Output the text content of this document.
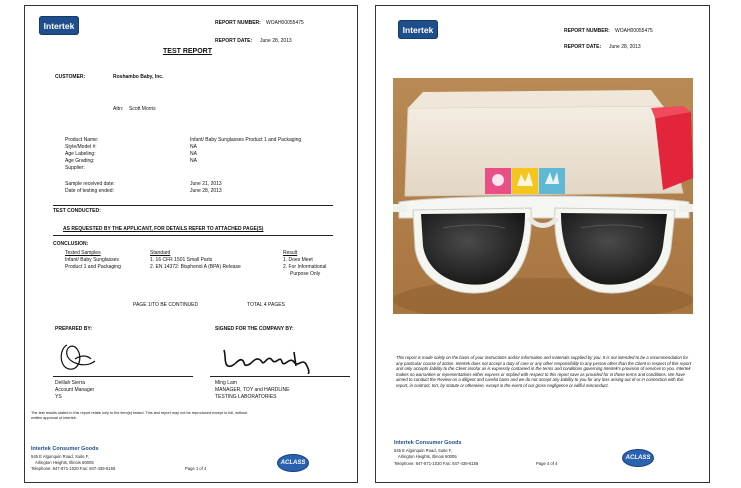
Intertek	REPORT NUMBER: WOAH00055475
REPORT DATE: June 28, 2013
TEST REPORT
CUSTOMER:	Roshambo Baby, Inc.
Attn: Scott Morris
Product Name:	Infant/ Baby Sunglasses Product 1 and Packaging
Style/Model #:	NA
Age Labeling:	NA
Age Grading:	NA
Supplier:
Sample received date:	June 21, 2013
Date of testing ended:	June 28, 2013
TEST CONDUCTED:
AS REQUESTED BY THE APPLICANT, FOR DETAILS REFER TO ATTACHED PAGE(S)
CONCLUSION:
Tested Samples	Standard	Result
Infant/ Baby Sunglasses	1. 16 CFR 1501 Small Parts	1. Does Meet
Product 1 and Packaging	2. EN 14372: Bisphenol A (BPA) Release	2. For Informational
Purpose Only
PAGE 1/TO BE CONTINUED	TOTAL 4 PAGES
PREPARED BY:	SIGNED FOR THE COMPANY BY:
Delilah Sierra
Account Manager
YS
Ming Lam
MANAGER, TOY and HARDLINE
TESTING LABORATORIES
The test results stated in this report relate only to the item(s) tested. This test report may not be reproduced except in full, without
written approval of Intertek.
Intertek Consumer Goods
545 E Algonquin Road, Suite F,
Arlington Heights, Illinois 60005
Telephone: 847-871-1020 Fax: 847-439-6156	Page 1 of 4
ACLASS
Intertek	REPORT NUMBER: WOAH00055475
REPORT DATE: June 28, 2013
This report is made solely on the basis of your instructions and/or information and materials supplied by you. It is not intended to be a recommendation for any particular course of action. Intertek does not accept a duty of care or any other responsibility to any person other than the Client in respect of this report and only accepts liability to the Client insofar as is expressly contained in the terms and conditions governing Intertek's provision of services to you. Intertek makes no warranties or representations either express or implied with respect to this report save as provided for in those terms and conditions. We have aimed to conduct the Review on a diligent and careful basis and we do not accept any liability to you for any loss arising out of or in connection with this report, in contract, tort, by statute or otherwise, except in the event of our gross negligence or willful misconduct.
Intertek Consumer Goods
545 E Algonquin Road, Suite F,
Arlington Heights, Illinois 60005
Telephone: 847-871-1020 Fax: 847-439-6156	Page 4 of 4
ACLASS
